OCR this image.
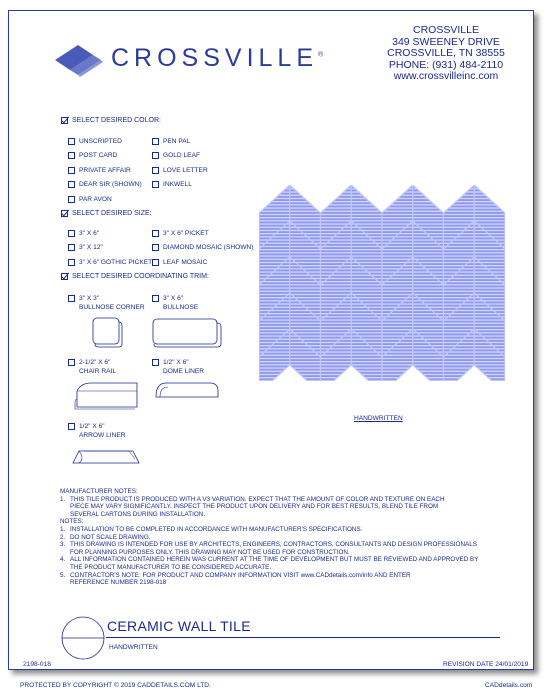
CROSSVILLE®
CROSSVILLE
349 SWEENEY DRIVE
CROSSVILLE, TN 38555
PHONE: (931) 484-2110
www.crossvilleinc.com
SELECT DESIRED COLOR:
UNSCRIPTED
POST CARD
PRIVATE AFFAIR
DEAR SIR (SHOWN)
PAR AVON
PEN PAL
GOLD LEAF
LOVE LETTER
INKWELL
SELECT DESIRED SIZE:
3" X 6"
3" X 12"
3" X 6" GOTHIC PICKET
3" X 6" PICKET
DIAMOND MOSAIC (SHOWN)
LEAF MOSAIC
SELECT DESIRED COORDINATING TRIM:
3" X 3"
BULLNOSE CORNER
3" X 6"
BULLNOSE
2-1/2" X 6"
CHAIR RAIL
1/2" X 6"
DOME LINER
1/2" X 6"
ARROW LINER
HANDWRITTEN
MANUFACTURER NOTES:
1. THIS TILE PRODUCT IS PRODUCED WITH A V3 VARIATION. EXPECT THAT THE AMOUNT OF COLOR AND TEXTURE ON EACH
PIECE MAY VARY SIGNIFICANTLY. INSPECT THE PRODUCT UPON DELIVERY AND FOR BEST RESULTS, BLEND TILE FROM
SEVERAL CARTONS DURING INSTALLATION.
NOTES:
1. INSTALLATION TO BE COMPLETED IN ACCORDANCE WITH MANUFACTURER'S SPECIFICATIONS.
2. DO NOT SCALE DRAWING.
3. THIS DRAWING IS INTENDED FOR USE BY ARCHITECTS, ENGINEERS, CONTRACTORS, CONSULTANTS AND DESIGN PROFESSIONALS
FOR PLANNING PURPOSES ONLY. THIS DRAWING MAY NOT BE USED FOR CONSTRUCTION.
4. ALL INFORMATION CONTAINED HEREIN WAS CURRENT AT THE TIME OF DEVELOPMENT BUT MUST BE REVIEWED AND APPROVED BY
THE PRODUCT MANUFACTURER TO BE CONSIDERED ACCURATE.
5. CONTRACTOR'S NOTE: FOR PRODUCT AND COMPANY INFORMATION VISIT www.CADdetails.com/info AND ENTER
REFERENCE NUMBER 2198-018
CERAMIC WALL TILE
HANDWRITTEN
2198-018	REVISION DATE 24/01/2019
PROTECTED BY COPYRIGHT © 2019 CADDETAILS.COM LTD.	CADdetails.com
